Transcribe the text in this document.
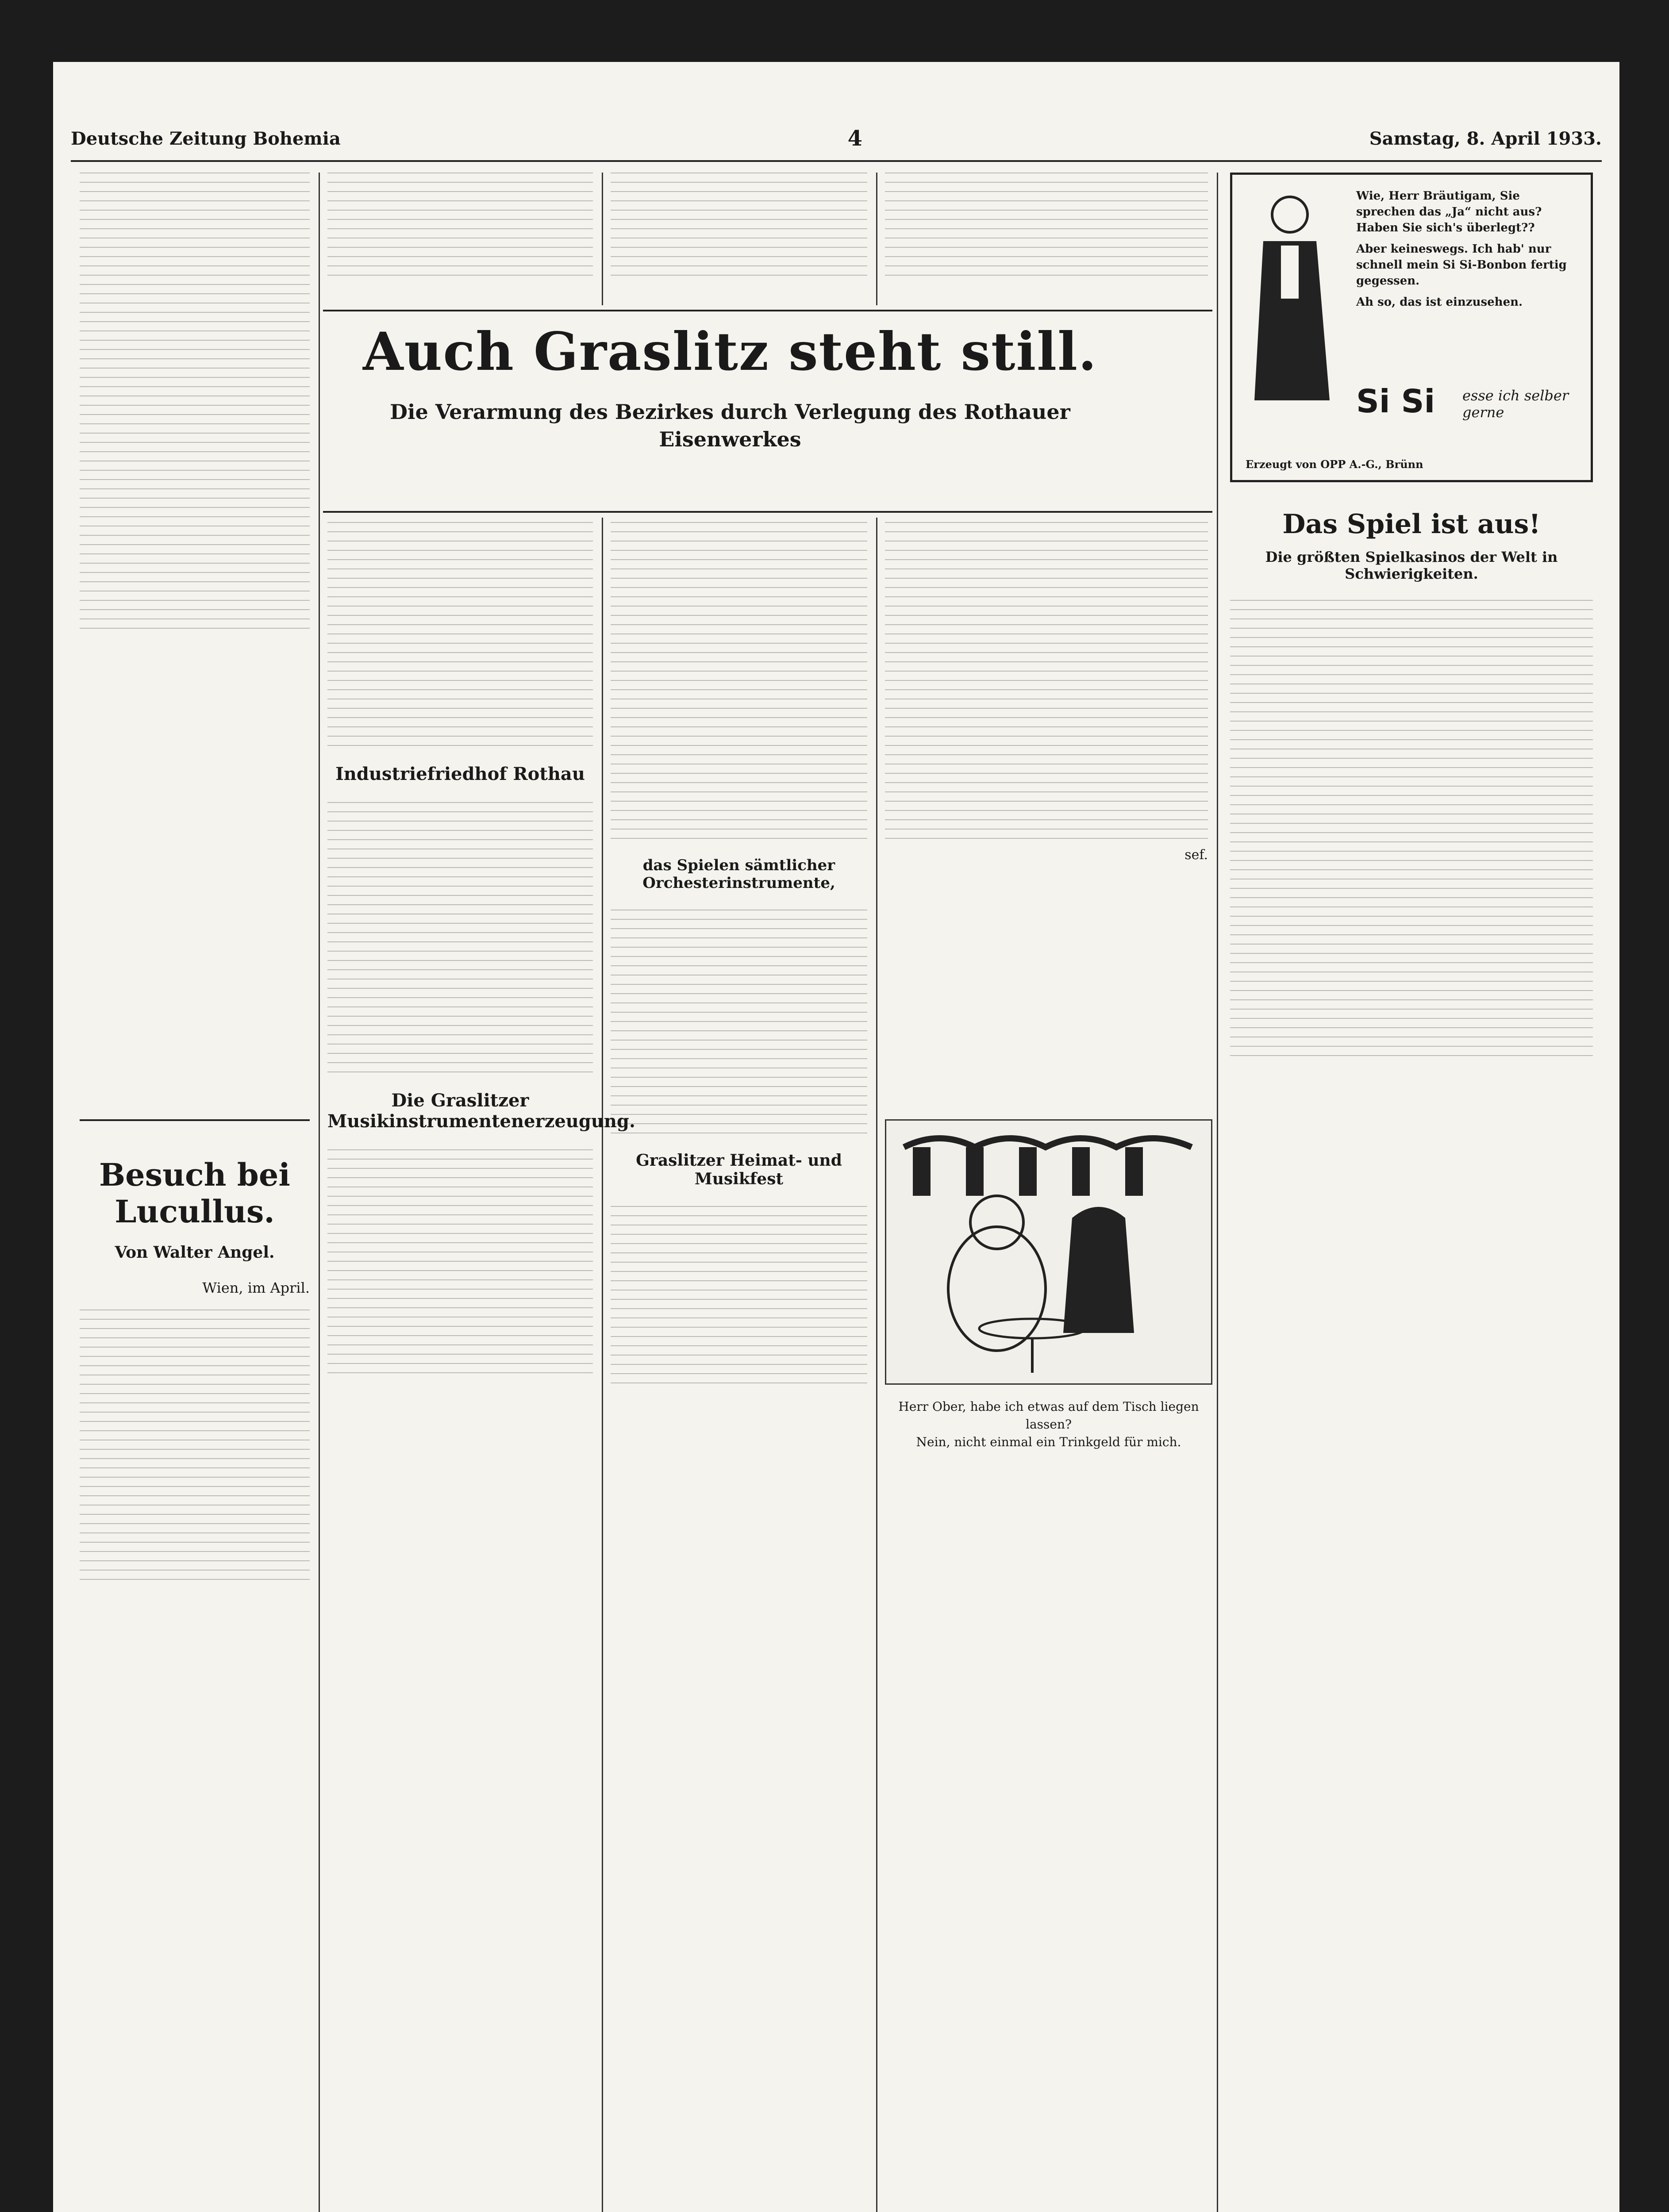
Deutsche Zeitung Bohemia	4	Samstag, 8. April 1933.
Besuch bei Lucullus.
Von Walter Angel.
Wien, im April.
Auch Graslitz steht still.
Die Verarmung des Bezirkes durch Verlegung des Rothauer Eisenwerkes
Industriefriedhof Rothau
Die Graslitzer Musikinstrumentenerzeugung.
das Spielen sämtlicher Orchesterinstrumente,
Graslitzer Heimat- und Musikfest
sef.
Herr Ober, habe ich etwas auf dem Tisch liegen lassen?
Nein, nicht einmal ein Trinkgeld für mich.
Wie, Herr Bräutigam, Sie sprechen das „Ja“ nicht aus? Haben Sie sich's überlegt??
Aber keineswegs. Ich hab' nur schnell mein Si Si-Bonbon fertig gegessen.
Ah so, das ist einzusehen.
Si Si esse ich selber gerne
Erzeugt von OPP A.-G., Brünn
Das Spiel ist aus!
Die größten Spielkasinos der Welt in Schwierigkeiten.
